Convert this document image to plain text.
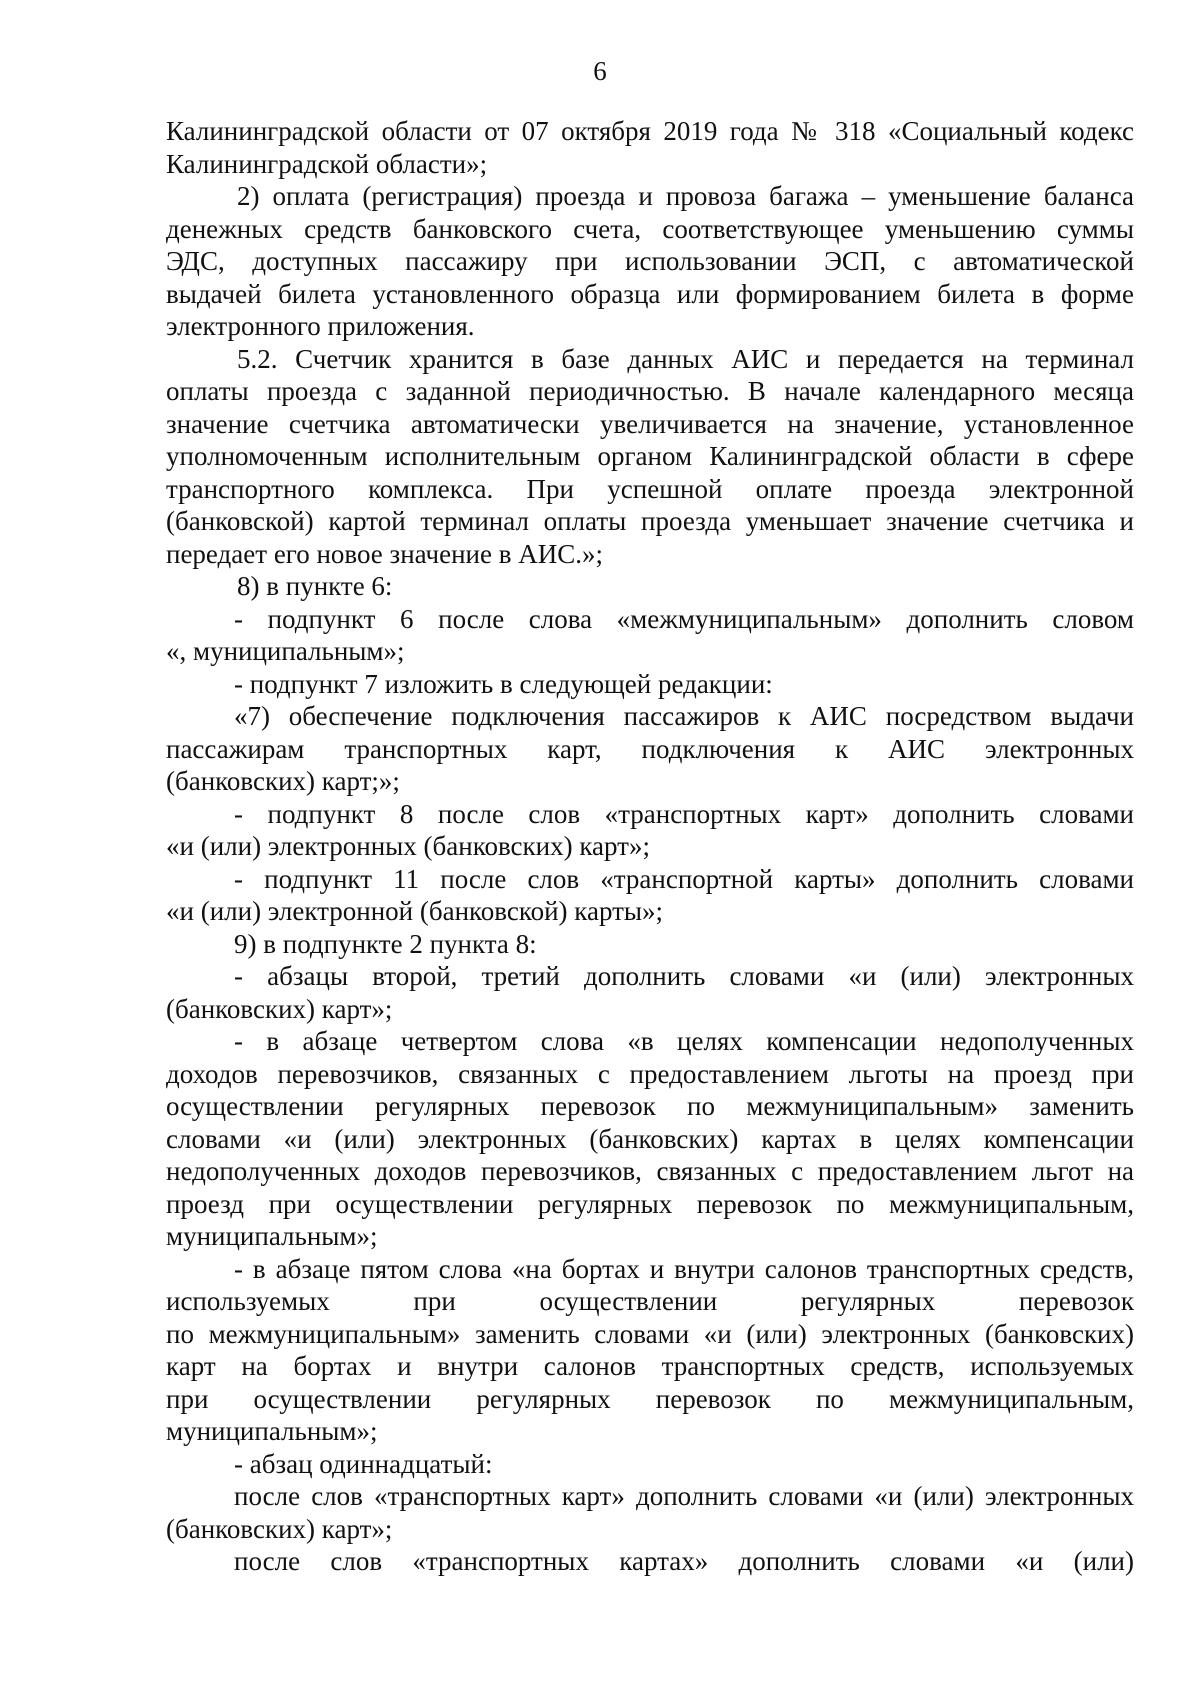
6
Калининградской области от 07 октября 2019 года № 318 «Социальный кодекс
Калининградской области»;
2) оплата (регистрация) проезда и провоза багажа – уменьшение баланса
денежных средств банковского счета, соответствующее уменьшению суммы
ЭДС, доступных пассажиру при использовании ЭСП, с автоматической
выдачей билета установленного образца или формированием билета в форме
электронного приложения.
5.2. Счетчик хранится в базе данных АИС и передается на терминал
оплаты проезда с заданной периодичностью. В начале календарного месяца
значение счетчика автоматически увеличивается на значение, установленное
уполномоченным исполнительным органом Калининградской области в сфере
транспортного комплекса. При успешной оплате проезда электронной
(банковской) картой терминал оплаты проезда уменьшает значение счетчика и
передает его новое значение в АИС.»;
8) в пункте 6:
- подпункт 6 после слова «межмуниципальным» дополнить словом
«, муниципальным»;
- подпункт 7 изложить в следующей редакции:
«7) обеспечение подключения пассажиров к АИС посредством выдачи
пассажирам транспортных карт, подключения к АИС электронных
(банковских) карт;»;
- подпункт 8 после слов «транспортных карт» дополнить словами
«и (или) электронных (банковских) карт»;
- подпункт 11 после слов «транспортной карты» дополнить словами
«и (или) электронной (банковской) карты»;
9) в подпункте 2 пункта 8:
- абзацы второй, третий дополнить словами «и (или) электронных
(банковских) карт»;
- в абзаце четвертом слова «в целях компенсации недополученных
доходов перевозчиков, связанных с предоставлением льготы на проезд при
осуществлении регулярных перевозок по межмуниципальным» заменить
словами «и (или) электронных (банковских) картах в целях компенсации
недополученных доходов перевозчиков, связанных с предоставлением льгот на
проезд при осуществлении регулярных перевозок по межмуниципальным,
муниципальным»;
- в абзаце пятом слова «на бортах и внутри салонов транспортных средств,
используемых при осуществлении регулярных перевозок
по межмуниципальным» заменить словами «и (или) электронных (банковских)
карт на бортах и внутри салонов транспортных средств, используемых
при осуществлении регулярных перевозок по межмуниципальным,
муниципальным»;
- абзац одиннадцатый:
после слов «транспортных карт» дополнить словами «и (или) электронных
(банковских) карт»;
после слов «транспортных картах» дополнить словами «и (или)
